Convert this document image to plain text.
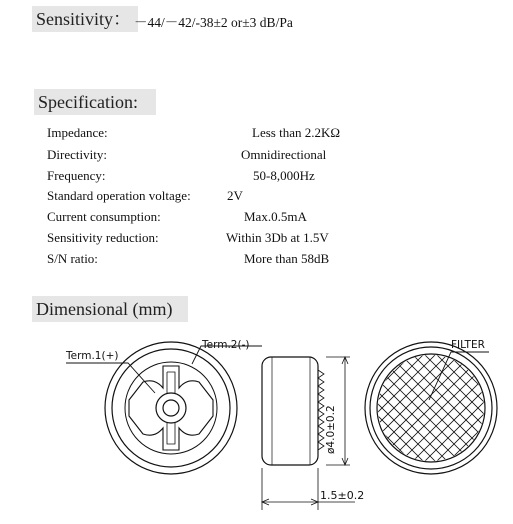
Sensitivity： －44/－42/-38±2 or±3 dB/Pa
Specification:
Impedance:	Less than 2.2KΩ
Directivity:	Omnidirectional
Frequency:	50-8,000Hz
Standard operation voltage:	2V
Current consumption:	Max.0.5mA
Sensitivity reduction:	Within 3Db at 1.5V
S/N ratio:	More than 58dB
Dimensional (mm)
Term.1(+)
Term.2(-)
ø4.0±0.2
1.5±0.2
FILTER
